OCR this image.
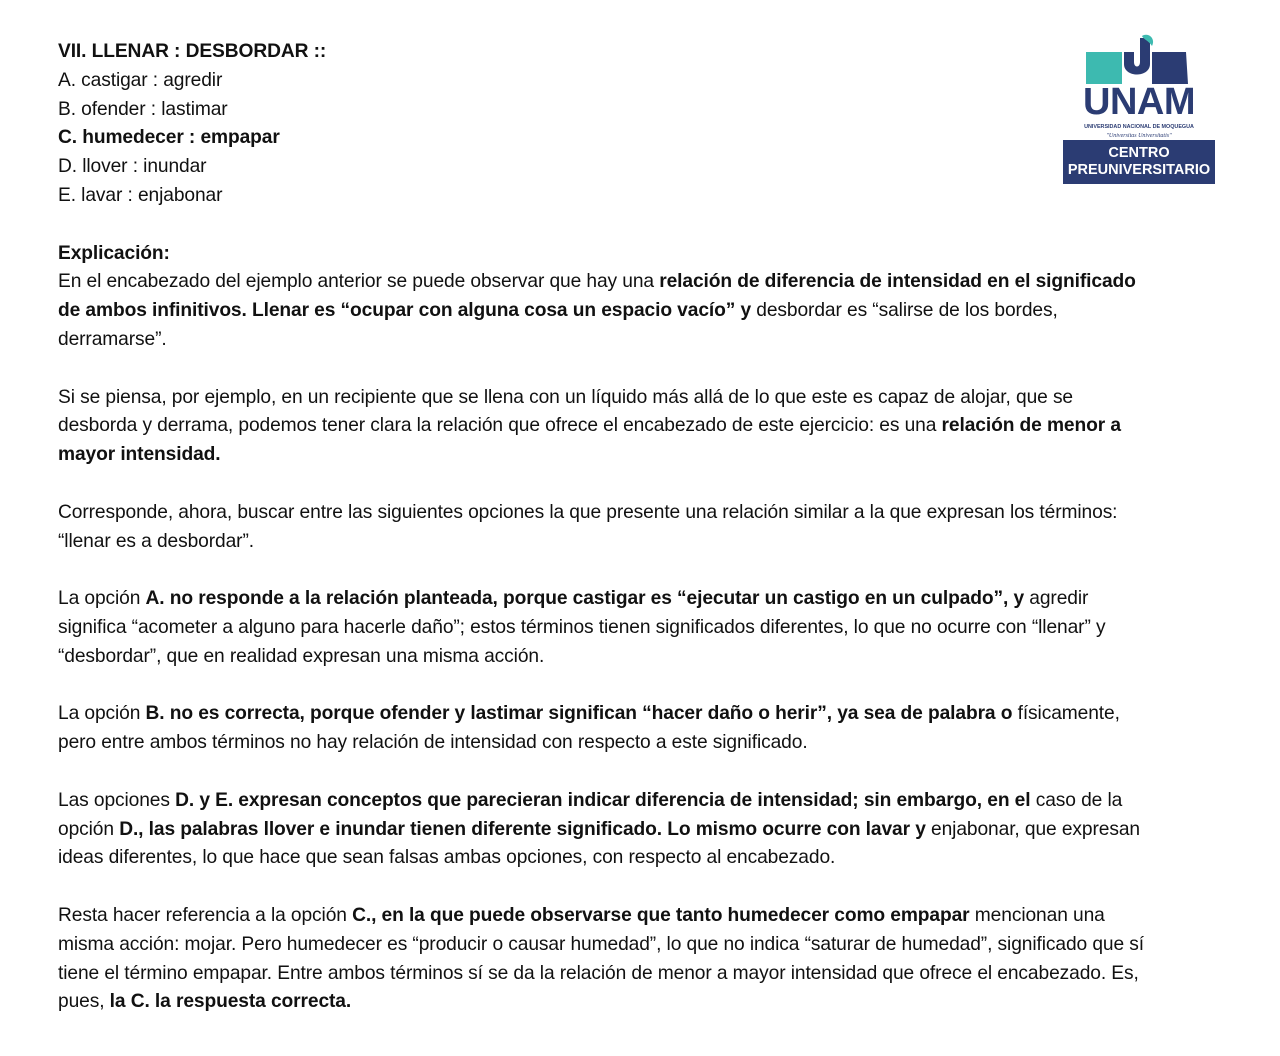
VII. LLENAR : DESBORDAR ::
A. castigar : agredir
B. ofender : lastimar
C. humedecer : empapar
D. llover : inundar
E. lavar : enjabonar
Explicación:
En el encabezado del ejemplo anterior se puede observar que hay una relación de diferencia de intensidad en el significado
de ambos infinitivos. Llenar es “ocupar con alguna cosa un espacio vacío” y desbordar es “salirse de los bordes,
derramarse”.
Si se piensa, por ejemplo, en un recipiente que se llena con un líquido más allá de lo que este es capaz de alojar, que se
desborda y derrama, podemos tener clara la relación que ofrece el encabezado de este ejercicio: es una relación de menor a
mayor intensidad.
Corresponde, ahora, buscar entre las siguientes opciones la que presente una relación similar a la que expresan los términos:
“llenar es a desbordar”.
La opción A. no responde a la relación planteada, porque castigar es “ejecutar un castigo en un culpado”, y agredir
significa “acometer a alguno para hacerle daño”; estos términos tienen significados diferentes, lo que no ocurre con “llenar” y
“desbordar”, que en realidad expresan una misma acción.
La opción B. no es correcta, porque ofender y lastimar significan “hacer daño o herir”, ya sea de palabra o físicamente,
pero entre ambos términos no hay relación de intensidad con respecto a este significado.
Las opciones D. y E. expresan conceptos que parecieran indicar diferencia de intensidad; sin embargo, en el caso de la
opción D., las palabras llover e inundar tienen diferente significado. Lo mismo ocurre con lavar y enjabonar, que expresan
ideas diferentes, lo que hace que sean falsas ambas opciones, con respecto al encabezado.
Resta hacer referencia a la opción C., en la que puede observarse que tanto humedecer como empapar mencionan una
misma acción: mojar. Pero humedecer es “producir o causar humedad”, lo que no indica “saturar de humedad”, significado que sí
tiene el término empapar. Entre ambos términos sí se da la relación de menor a mayor intensidad que ofrece el encabezado. Es,
pues, la C. la respuesta correcta.
UNAM
UNIVERSIDAD NACIONAL DE MOQUEGUA
"Universitas Universitatis"
CENTRO
PREUNIVERSITARIO
